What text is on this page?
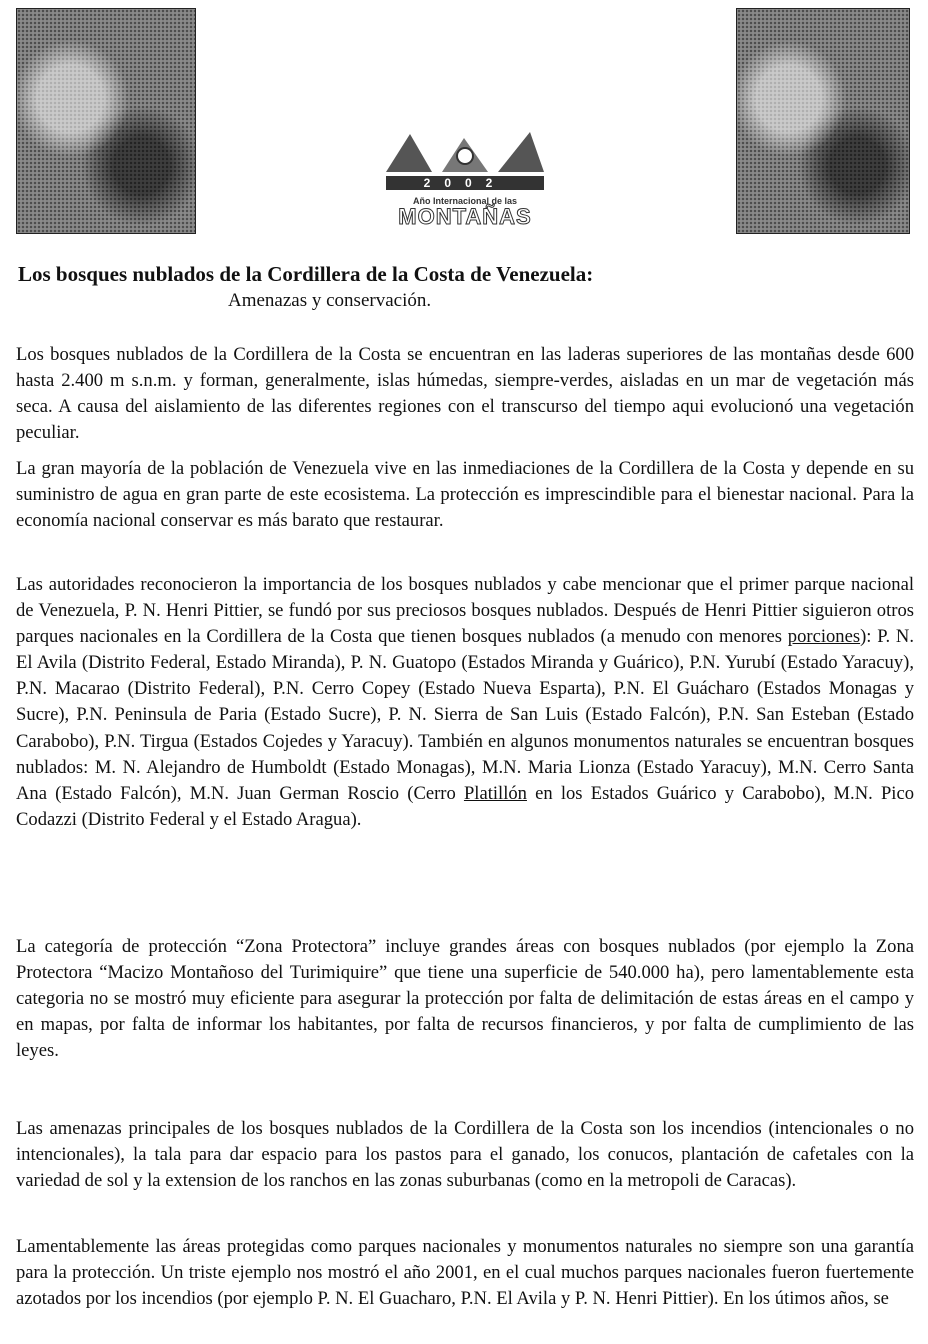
2002
Año Internacional de las
MONTAÑAS
Los bosques nublados de la Cordillera de la Costa de Venezuela:
Amenazas y conservación.
Los bosques nublados de la Cordillera de la Costa se encuentran en las laderas superiores de las montañas desde 600 hasta 2.400 m s.n.m. y forman, generalmente, islas húmedas, siempre-verdes, aisladas en un mar de vegetación más seca. A causa del aislamiento de las diferentes regiones con el transcurso del tiempo aqui evolucionó una vegetación peculiar.
La gran mayoría de la población de Venezuela vive en las inmediaciones de la Cordillera de la Costa y depende en su suministro de agua en gran parte de este ecosistema. La protección es imprescindible para el bienestar nacional. Para la economía nacional conservar es más barato que restaurar.
Las autoridades reconocieron la importancia de los bosques nublados y cabe mencionar que el primer parque nacional de Venezuela, P. N. Henri Pittier, se fundó por sus preciosos bosques nublados. Después de Henri Pittier siguieron otros parques nacionales en la Cordillera de la Costa que tienen bosques nublados (a menudo con menores porciones): P. N. El Avila (Distrito Federal, Estado Miranda), P. N. Guatopo (Estados Miranda y Guárico), P.N. Yurubí (Estado Yaracuy), P.N. Macarao (Distrito Federal), P.N. Cerro Copey (Estado Nueva Esparta), P.N. El Guácharo (Estados Monagas y Sucre), P.N. Peninsula de Paria (Estado Sucre), P. N. Sierra de San Luis (Estado Falcón), P.N. San Esteban (Estado Carabobo), P.N. Tirgua (Estados Cojedes y Yaracuy). También en algunos monumentos naturales se encuentran bosques nublados: M. N. Alejandro de Humboldt (Estado Monagas), M.N. Maria Lionza (Estado Yaracuy), M.N. Cerro Santa Ana (Estado Falcón), M.N. Juan German Roscio (Cerro Platillón en los Estados Guárico y Carabobo), M.N. Pico Codazzi (Distrito Federal y el Estado Aragua).
La categoría de protección “Zona Protectora” incluye grandes áreas con bosques nublados (por ejemplo la Zona Protectora “Macizo Montañoso del Turimiquire” que tiene una superficie de 540.000 ha), pero lamentablemente esta categoria no se mostró muy eficiente para asegurar la protección por falta de delimitación de estas áreas en el campo y en mapas, por falta de informar los habitantes, por falta de recursos financieros, y por falta de cumplimiento de las leyes.
Las amenazas principales de los bosques nublados de la Cordillera de la Costa son los incendios (intencionales o no intencionales), la tala para dar espacio para los pastos para el ganado, los conucos, plantación de cafetales con la variedad de sol y la extension de los ranchos en las zonas suburbanas (como en la metropoli de Caracas).
Lamentablemente las áreas protegidas como parques nacionales y monumentos naturales no siempre son una garantía para la protección. Un triste ejemplo nos mostró el año 2001, en el cual muchos parques nacionales fueron fuertemente azotados por los incendios (por ejemplo P. N. El Guacharo, P.N. El Avila y P. N. Henri Pittier). En los útimos años, se
